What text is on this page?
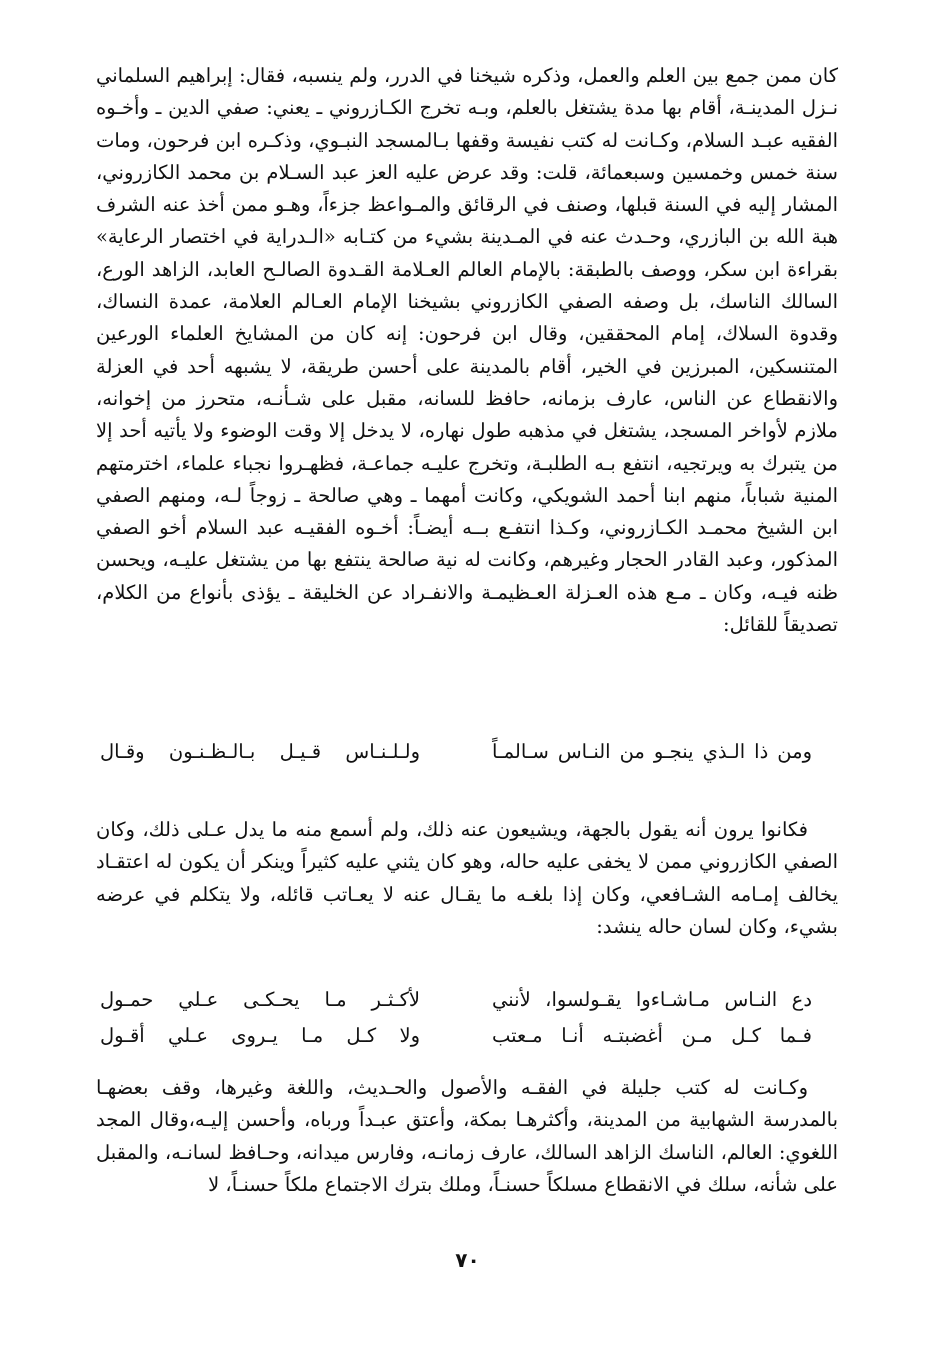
كان ممن جمع بين العلم والعمل، وذكره شيخنا في الدرر، ولم ينسبه، فقال: إبراهيم السلماني نـزل المدينـة، أقام بها مدة يشتغل بالعلم، وبـه تخرج الكـازروني ـ يعني: صفي الدين ـ وأخـوه الفقيه عبـد السلام، وكـانت له كتب نفيسة وقفها بـالمسجد النبـوي، وذكـره ابن فرحون، ومات سنة خمس وخمسين وسبعمائة، قلت: وقد عرض عليه العز عبد السـلام بن محمد الكازروني، المشار إليه في السنة قبلها، وصنف في الرقائق والمـواعظ جزءاً، وهـو ممن أخذ عنه الشرف هبة الله بن البازري، وحـدث عنه في المـدينة بشيء من كتـابه «الـدراية في اختصار الرعاية» بقراءة ابن سكر، ووصف بالطبقة: بالإمام العالم العـلامة القـدوة الصالـح العابد، الزاهد الورع، السالك الناسك، بل وصفه الصفي الكازروني بشيخنا الإمام العـالم العلامة، عمدة النساك، وقدوة السلاك، إمام المحققين، وقال ابن فرحون: إنه كان من المشايخ العلماء الورعين المتنسكين، المبرزين في الخير، أقام بالمدينة على أحسن طريقة، لا يشبهه أحد في العزلة والانقطاع عن الناس، عارف بزمانه، حافظ للسانه، مقبل على شـأنـه، متحرز من إخوانه، ملازم لأواخر المسجد، يشتغل في مذهبه طول نهاره، لا يدخل إلا وقت الوضوء ولا يأتيه أحد إلا من يتبرك به ويرتجيه، انتفع بـه الطلبـة، وتخرج عليـه جماعـة، فظهـروا نجباء علماء، اخترمتهم المنية شباباً، منهم ابنا أحمد الشويكي، وكانت أمهما ـ وهي صالحة ـ زوجاً لـه، ومنهم الصفي ابن الشيخ محمـد الكـازروني، وكـذا انتفـع بــه أيضـاً: أخـوه الفقيـه عبد السلام أخو الصفي المذكور، وعبد القادر الحجار وغيرهم، وكانت له نية صالحة ينتفع بها من يشتغل عليـه، ويحسن ظنه فيـه، وكان ـ مـع هذه العـزلة العـظيمـة والانفـراد عن الخليقة ـ يؤذى بأنواع من الكلام، تصديقاً للقائل:

ومن ذا الـذي ينجـو من النـاس سـالمـاً
ولـلـنـاس قـيـل بـالـظـنـون وقـال

فكانوا يرون أنه يقول بالجهة، ويشيعون عنه ذلك، ولم أسمع منه ما يدل عـلى ذلك، وكان الصفي الكازروني ممن لا يخفى عليه حاله، وهو كان يثني عليه كثيراً وينكر أن يكون له اعتقـاد يخالف إمـامه الشـافعي، وكان إذا بلغـه ما يقـال عنه لا يعـاتب قائله، ولا يتكلم في عرضه بشيء، وكان لسان حاله ينشد:

دع النـاس مـاشـاءوا يقـولسوا، لأنني
لأكـثـر مـا يحـكـى عـلي حمـول
فـما كـل مـن أغضبتـه أنـا مـعتب
ولا كـل مـا يـروى عـلي أقـول

وكـانت له كتب جليلة في الفقـه والأصول والحـديث، واللغة وغيرها، وقف بعضهـا بالمدرسة الشهابية من المدينة، وأكثرهـا بمكة، وأعتق عبـداً ورباه، وأحسن إليـه،وقال المجد اللغوي: العالم، الناسك الزاهد السالك، عارف زمانـه، وفارس ميدانه، وحـافظ لسانـه، والمقبل على شأنه، سلك في الانقطاع مسلكاً حسنـاً، وملك بترك الاجتماع ملكاً حسنـاً، لا

٧٠
